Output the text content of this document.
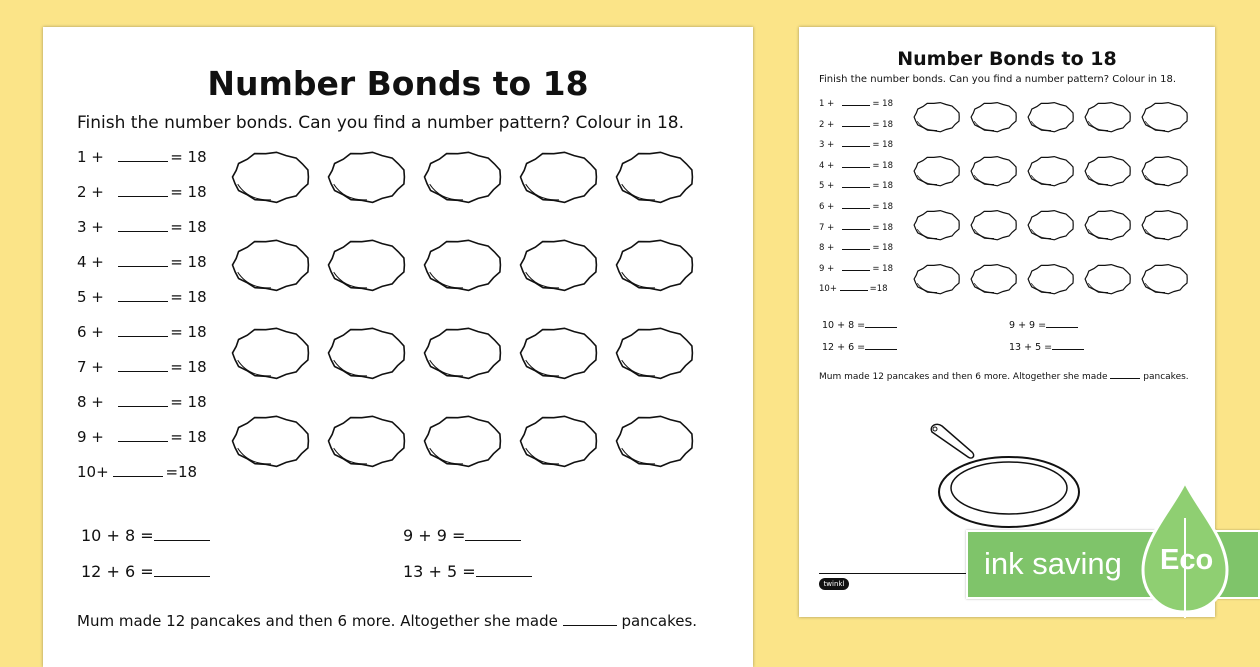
Number Bonds to 18
Finish the number bonds. Can you find a number pattern? Colour in 18.
1 +	= 18
2 +	= 18
3 +	= 18
4 +	= 18
5 +	= 18
6 +	= 18
7 +	= 18
8 +	= 18
9 +	= 18
10+	=18
10 + 8 =	9 + 9 =
12 + 6 =	13 + 5 =
Mum made 12 pancakes and then 6 more. Altogether she made	pancakes.
Number Bonds to 18
Finish the number bonds. Can you find a number pattern? Colour in 18.
1 +	= 18
2 +	= 18
3 +	= 18
4 +	= 18
5 +	= 18
6 +	= 18
7 +	= 18
8 +	= 18
9 +	= 18
10+	=18
10 + 8 =	9 + 9 =
12 + 6 =	13 + 5 =
Mum made 12 pancakes and then 6 more. Altogether she made	pancakes.
twinkl
ink saving Eco
